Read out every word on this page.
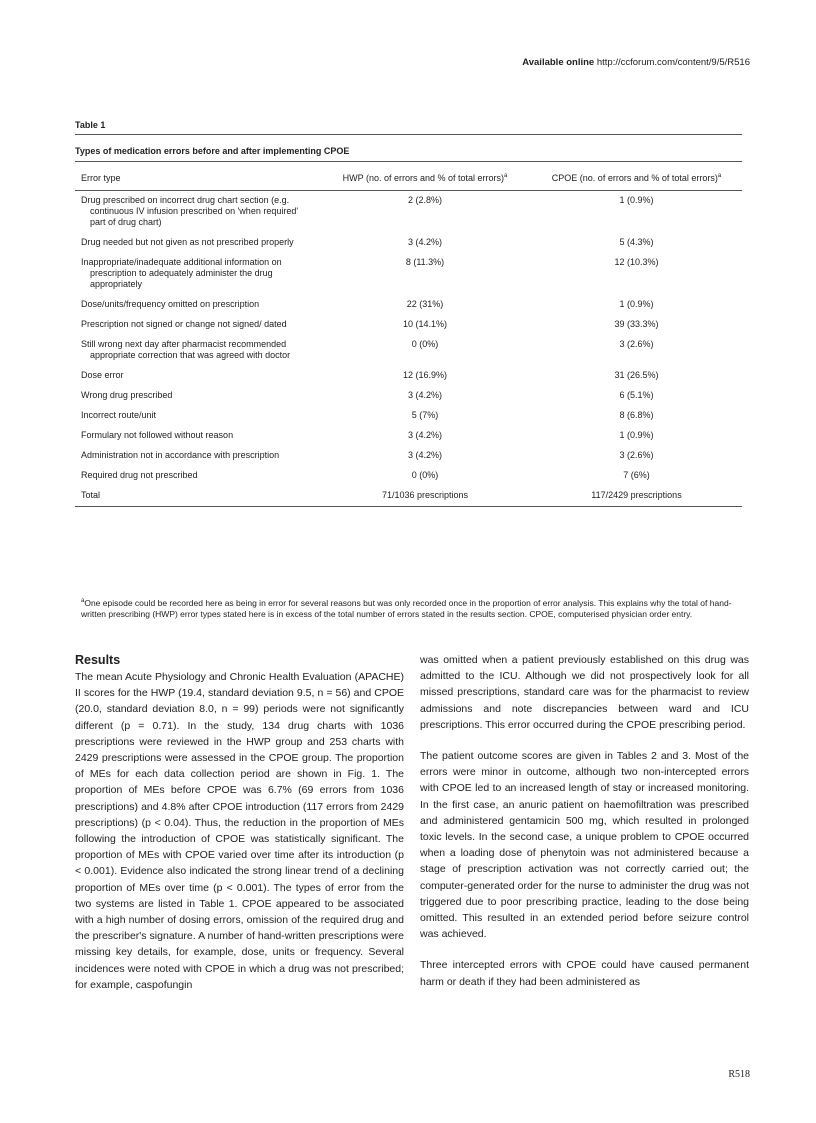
Available online http://ccforum.com/content/9/5/R516
Table 1
Types of medication errors before and after implementing CPOE
Error type	HWP (no. of errors and % of total errors)$^a$	CPOE (no. of errors and % of total errors)$^a$

Drug prescribed on incorrect drug chart section (e.g. continuous IV infusion prescribed on 'when required' part of drug chart)	2 (2.8%)	1 (0.9%)

Drug needed but not given as not prescribed properly	3 (4.2%)	5 (4.3%)

Inappropriate/inadequate additional information on prescription to adequately administer the drug appropriately	8 (11.3%)	12 (10.3%)

Dose/units/frequency omitted on prescription	22 (31%)	1 (0.9%)

Prescription not signed or change not signed/ dated	10 (14.1%)	39 (33.3%)

Still wrong next day after pharmacist recommended appropriate correction that was agreed with doctor	0 (0%)	3 (2.6%)

Dose error	12 (16.9%)	31 (26.5%)

Wrong drug prescribed	3 (4.2%)	6 (5.1%)

Incorrect route/unit	5 (7%)	8 (6.8%)

Formulary not followed without reason	3 (4.2%)	1 (0.9%)

Administration not in accordance with prescription	3 (4.2%)	3 (2.6%)

Required drug not prescribed	0 (0%)	7 (6%)

Total	71/1036 prescriptions	117/2429 prescriptions
$^a$One episode could be recorded here as being in error for several reasons but was only recorded once in the proportion of error analysis. This explains why the total of hand-written prescribing (HWP) error types stated here is in excess of the total number of errors stated in the results section. CPOE, computerised physician order entry.
Results

The mean Acute Physiology and Chronic Health Evaluation (APACHE) II scores for the HWP (19.4, standard deviation 9.5, n = 56) and CPOE (20.0, standard deviation 8.0, n = 99) periods were not significantly different (p = 0.71). In the study, 134 drug charts with 1036 prescriptions were reviewed in the HWP group and 253 charts with 2429 prescriptions were assessed in the CPOE group. The proportion of MEs for each data collection period are shown in Fig. 1. The proportion of MEs before CPOE was 6.7% (69 errors from 1036 prescriptions) and 4.8% after CPOE introduction (117 errors from 2429 prescriptions) (p < 0.04). Thus, the reduction in the proportion of MEs following the introduction of CPOE was statistically significant. The proportion of MEs with CPOE varied over time after its introduction (p < 0.001). Evidence also indicated the strong linear trend of a declining proportion of MEs over time (p < 0.001). The types of error from the two systems are listed in Table 1. CPOE appeared to be associated with a high number of dosing errors, omission of the required drug and the prescriber's signature. A number of hand-written prescriptions were missing key details, for example, dose, units or frequency. Several incidences were noted with CPOE in which a drug was not prescribed; for example, caspofungin

was omitted when a patient previously established on this drug was admitted to the ICU. Although we did not prospectively look for all missed prescriptions, standard care was for the pharmacist to review admissions and note discrepancies between ward and ICU prescriptions. This error occurred during the CPOE prescribing period.

The patient outcome scores are given in Tables 2 and 3. Most of the errors were minor in outcome, although two non-intercepted errors with CPOE led to an increased length of stay or increased monitoring. In the first case, an anuric patient on haemofiltration was prescribed and administered gentamicin 500 mg, which resulted in prolonged toxic levels. In the second case, a unique problem to CPOE occurred when a loading dose of phenytoin was not administered because a stage of prescription activation was not correctly carried out; the computer-generated order for the nurse to administer the drug was not triggered due to poor prescribing practice, leading to the dose being omitted. This resulted in an extended period before seizure control was achieved.

Three intercepted errors with CPOE could have caused permanent harm or death if they had been administered as

R518
